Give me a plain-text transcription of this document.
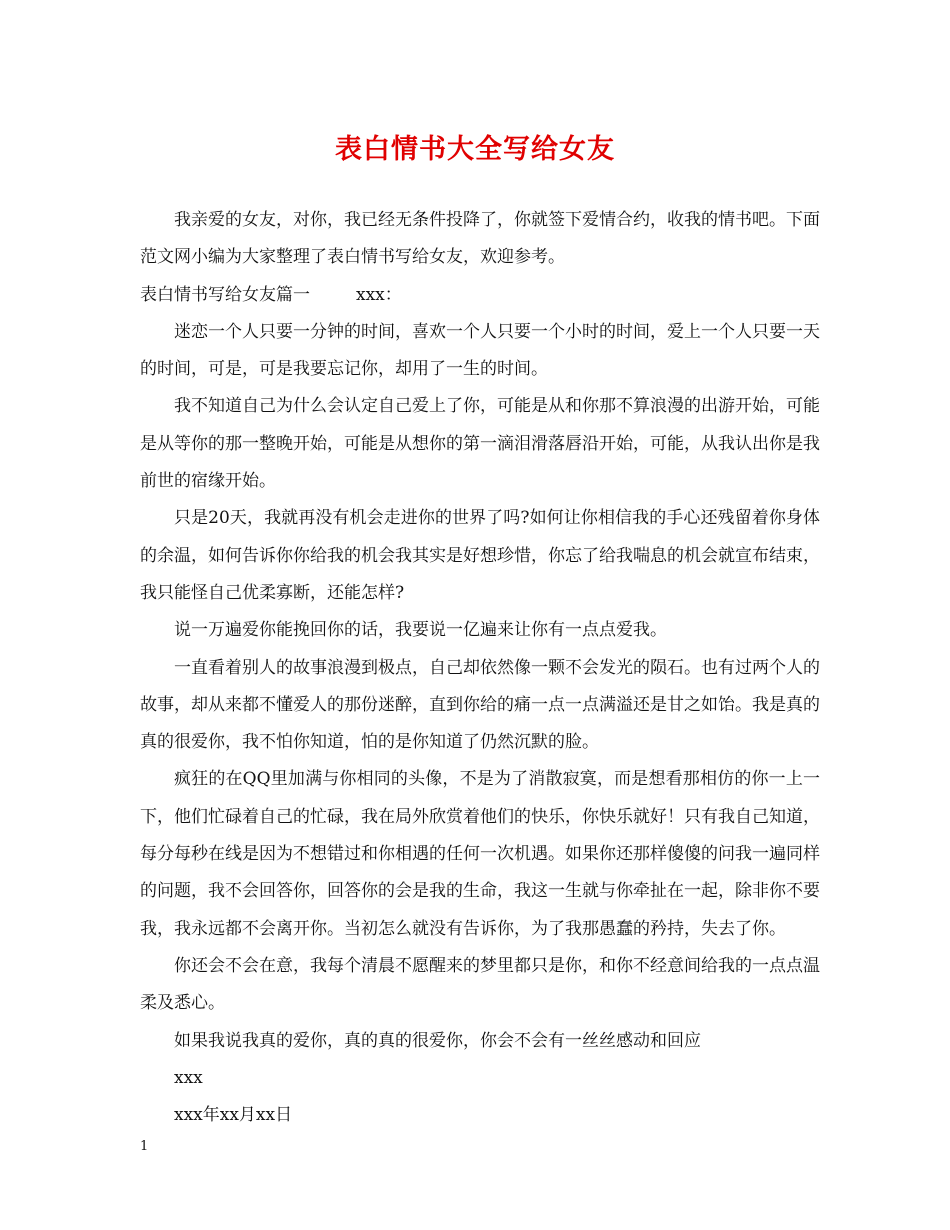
表白情书大全写给女友

我亲爱的女友，对你，我已经无条件投降了，你就签下爱情合约，收我的情书吧。下面范文网小编为大家整理了表白情书写给女友，欢迎参考。

表白情书写给女友篇一	xxx：

迷恋一个人只要一分钟的时间，喜欢一个人只要一个小时的时间，爱上一个人只要一天的时间，可是，可是我要忘记你，却用了一生的时间。

我不知道自己为什么会认定自己爱上了你，可能是从和你那不算浪漫的出游开始，可能是从等你的那一整晚开始，可能是从想你的第一滴泪滑落唇沿开始，可能，从我认出你是我前世的宿缘开始。

只是20天，我就再没有机会走进你的世界了吗?如何让你相信我的手心还残留着你身体的余温，如何告诉你你给我的机会我其实是好想珍惜，你忘了给我喘息的机会就宣布结束，我只能怪自己优柔寡断，还能怎样?

说一万遍爱你能挽回你的话，我要说一亿遍来让你有一点点爱我。

一直看着别人的故事浪漫到极点，自己却依然像一颗不会发光的陨石。也有过两个人的故事，却从来都不懂爱人的那份迷醉，直到你给的痛一点一点满溢还是甘之如饴。我是真的真的很爱你，我不怕你知道，怕的是你知道了仍然沉默的脸。

疯狂的在QQ里加满与你相同的头像，不是为了消散寂寞，而是想看那相仿的你一上一下，他们忙碌着自己的忙碌，我在局外欣赏着他们的快乐，你快乐就好！只有我自己知道，每分每秒在线是因为不想错过和你相遇的任何一次机遇。如果你还那样傻傻的问我一遍同样的问题，我不会回答你，回答你的会是我的生命，我这一生就与你牵扯在一起，除非你不要我，我永远都不会离开你。当初怎么就没有告诉你，为了我那愚蠢的矜持，失去了你。

你还会不会在意，我每个清晨不愿醒来的梦里都只是你，和你不经意间给我的一点点温柔及悉心。

如果我说我真的爱你，真的真的很爱你，你会不会有一丝丝感动和回应

xxx

xxx年xx月xx日

1
